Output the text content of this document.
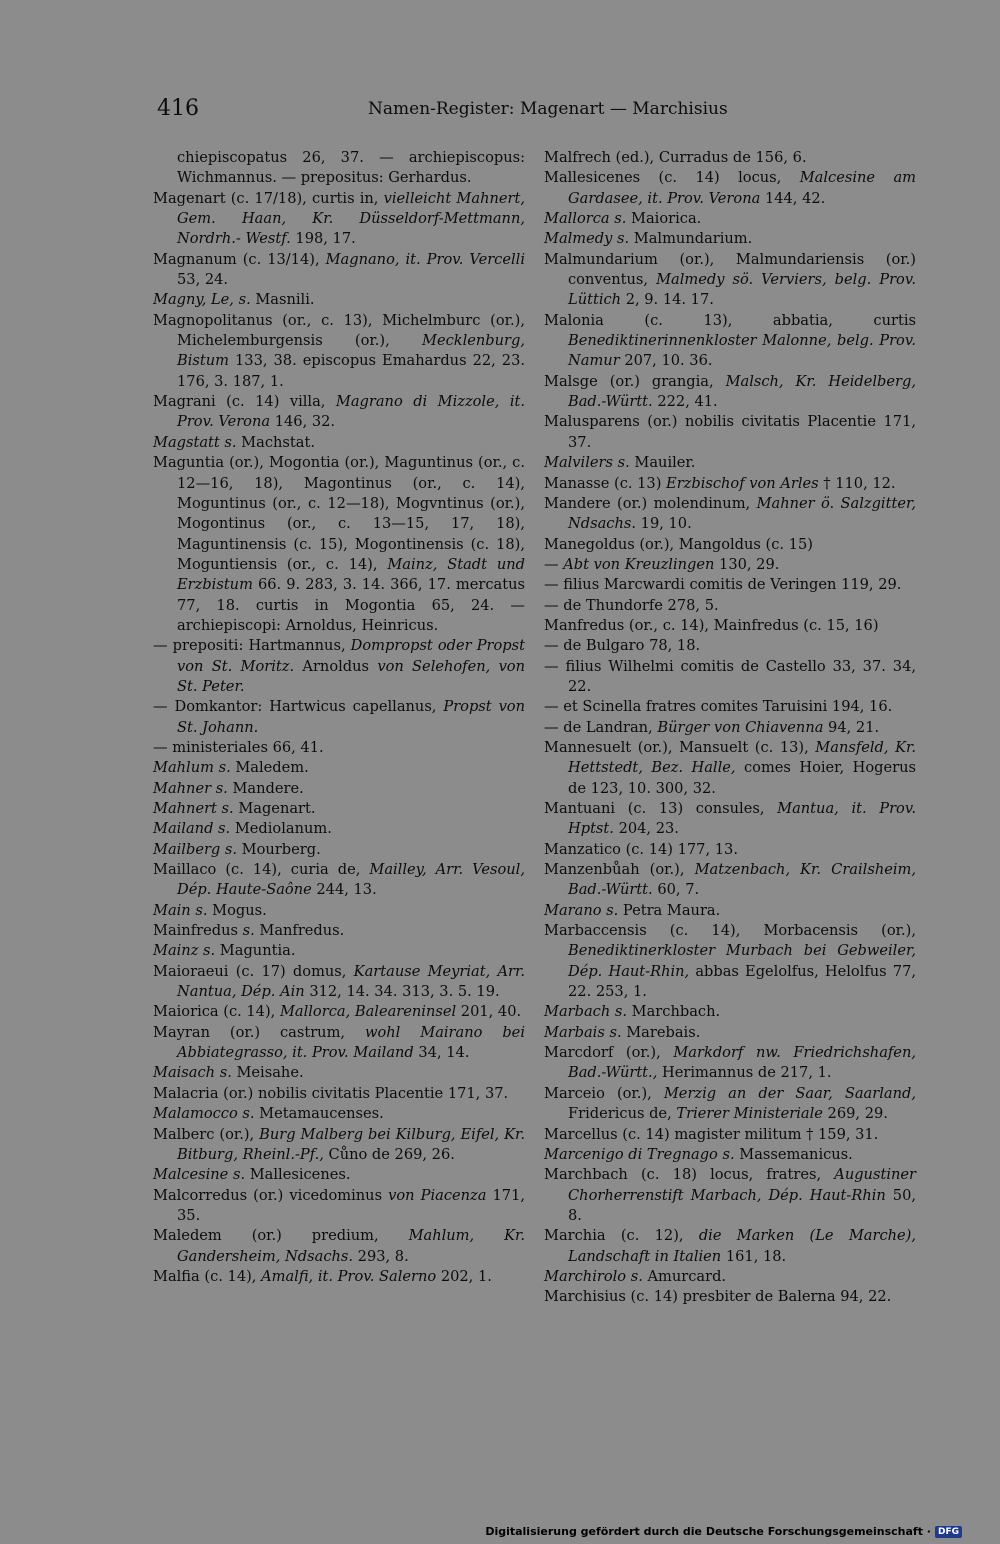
416	Namen-Register: Magenart — Marchisius

chiepiscopatus 26, 37. — archiepiscopus: Wichmannus. — prepositus: Gerhardus.

Magenart (c. 17/18), curtis in, vielleicht Mahnert, Gem. Haan, Kr. Düsseldorf-Mettmann, Nordrh.- Westf. 198, 17.

Magnanum (c. 13/14), Magnano, it. Prov. Vercelli 53, 24.

Magny, Le, s. Masnili.

Magnopolitanus (or., c. 13), Michelmburc (or.), Michelemburgensis (or.), Mecklenburg, Bistum 133, 38. episcopus Emahardus 22, 23. 176, 3. 187, 1.

Magrani (c. 14) villa, Magrano di Mizzole, it. Prov. Verona 146, 32.

Magstatt s. Machstat.

Maguntia (or.), Mogontia (or.), Maguntinus (or., c. 12—16, 18), Magontinus (or., c. 14), Moguntinus (or., c. 12—18), Mogvntinus (or.), Mogontinus (or., c. 13—15, 17, 18), Maguntinensis (c. 15), Mogontinensis (c. 18), Moguntiensis (or., c. 14), Mainz, Stadt und Erzbistum 66. 9. 283, 3. 14. 366, 17. mercatus 77, 18. curtis in Mogontia 65, 24. — archiepiscopi: Arnoldus, Heinricus.

— prepositi: Hartmannus, Dompropst oder Propst von St. Moritz. Arnoldus von Selehofen, von St. Peter.

— Domkantor: Hartwicus capellanus, Propst von St. Johann.

— ministeriales 66, 41.

Mahlum s. Maledem.

Mahner s. Mandere.

Mahnert s. Magenart.

Mailand s. Mediolanum.

Mailberg s. Mourberg.

Maillaco (c. 14), curia de, Mailley, Arr. Vesoul, Dép. Haute-Saône 244, 13.

Main s. Mogus.

Mainfredus s. Manfredus.

Mainz s. Maguntia.

Maioraeui (c. 17) domus, Kartause Meyriat, Arr. Nantua, Dép. Ain 312, 14. 34. 313, 3. 5. 19.

Maiorica (c. 14), Mallorca, Baleareninsel 201, 40.

Mayran (or.) castrum, wohl Mairano bei Abbiategrasso, it. Prov. Mailand 34, 14.

Maisach s. Meisahe.

Malacria (or.) nobilis civitatis Placentie 171, 37.

Malamocco s. Metamaucenses.

Malberc (or.), Burg Malberg bei Kilburg, Eifel, Kr. Bitburg, Rheinl.-Pf., Cůno de 269, 26.

Malcesine s. Mallesicenes.

Malcorredus (or.) vicedominus von Piacenza 171, 35.

Maledem (or.) predium, Mahlum, Kr. Gandersheim, Ndsachs. 293, 8.

Malfia (c. 14), Amalfi, it. Prov. Salerno 202, 1.

Malfrech (ed.), Curradus de 156, 6.

Mallesicenes (c. 14) locus, Malcesine am Gardasee, it. Prov. Verona 144, 42.

Mallorca s. Maiorica.

Malmedy s. Malmundarium.

Malmundarium (or.), Malmundariensis (or.) conventus, Malmedy sö. Verviers, belg. Prov. Lüttich 2, 9. 14. 17.

Malonia (c. 13), abbatia, curtis Benediktinerinnenkloster Malonne, belg. Prov. Namur 207, 10. 36.

Malsge (or.) grangia, Malsch, Kr. Heidelberg, Bad.-Württ. 222, 41.

Malusparens (or.) nobilis civitatis Placentie 171, 37.

Malvilers s. Mauiler.

Manasse (c. 13) Erzbischof von Arles † 110, 12.

Mandere (or.) molendinum, Mahner ö. Salzgitter, Ndsachs. 19, 10.

Manegoldus (or.), Mangoldus (c. 15)

— Abt von Kreuzlingen 130, 29.

— filius Marcwardi comitis de Veringen 119, 29.

— de Thundorfe 278, 5.

Manfredus (or., c. 14), Mainfredus (c. 15, 16)

— de Bulgaro 78, 18.

— filius Wilhelmi comitis de Castello 33, 37. 34, 22.

— et Scinella fratres comites Taruisini 194, 16.

— de Landran, Bürger von Chiavenna 94, 21.

Mannesuelt (or.), Mansuelt (c. 13), Mansfeld, Kr. Hettstedt, Bez. Halle, comes Hoier, Hogerus de 123, 10. 300, 32.

Mantuani (c. 13) consules, Mantua, it. Prov. Hptst. 204, 23.

Manzatico (c. 14) 177, 13.

Manzenbůah (or.), Matzenbach, Kr. Crailsheim, Bad.-Württ. 60, 7.

Marano s. Petra Maura.

Marbaccensis (c. 14), Morbacensis (or.), Benediktinerkloster Murbach bei Gebweiler, Dép. Haut-Rhin, abbas Egelolfus, Helolfus 77, 22. 253, 1.

Marbach s. Marchbach.

Marbais s. Marebais.

Marcdorf (or.), Markdorf nw. Friedrichshafen, Bad.-Württ., Herimannus de 217, 1.

Marceio (or.), Merzig an der Saar, Saarland, Fridericus de, Trierer Ministeriale 269, 29.

Marcellus (c. 14) magister militum † 159, 31.

Marcenigo di Tregnago s. Massemanicus.

Marchbach (c. 18) locus, fratres, Augustiner Chorherrenstift Marbach, Dép. Haut-Rhin 50, 8.

Marchia (c. 12), die Marken (Le Marche), Landschaft in Italien 161, 18.

Marchirolo s. Amurcard.

Marchisius (c. 14) presbiter de Balerna 94, 22.

Digitalisierung gefördert durch die Deutsche Forschungsgemeinschaft · DFG
